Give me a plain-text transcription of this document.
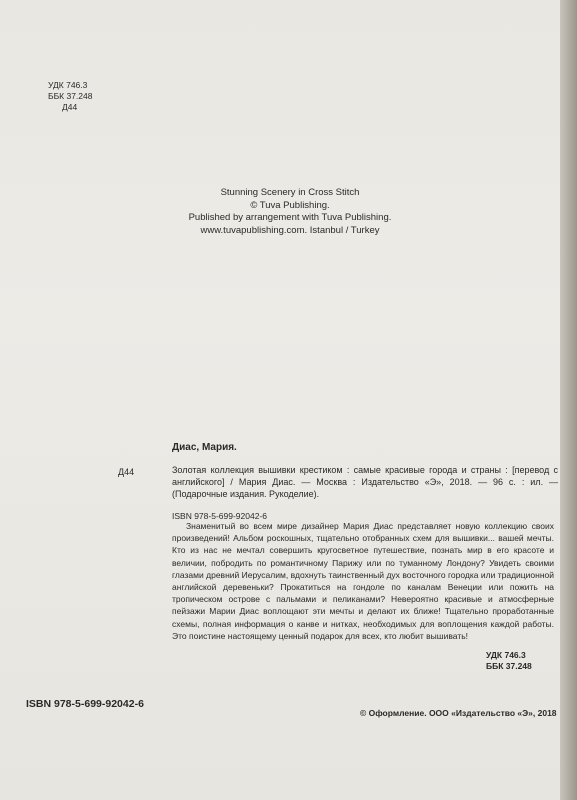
УДК 746.3
ББК 37.248
Д44
Stunning Scenery in Cross Stitch
© Tuva Publishing.
Published by arrangement with Tuva Publishing.
www.tuvapublishing.com. Istanbul / Turkey
Диас, Мария.
Д44	Золотая коллекция вышивки крестиком : самые красивые города и страны : [перевод с английского] / Мария Диас. — Москва : Издательство «Э», 2018. — 96 с. : ил. — (Подарочные издания. Рукоделие).
ISBN 978-5-699-92042-6
Знаменитый во всем мире дизайнер Мария Диас представляет новую коллекцию своих произведений! Альбом роскошных, тщательно отобранных схем для вышивки... вашей мечты. Кто из нас не мечтал совершить кругосветное путешествие, познать мир в его красоте и величии, побродить по романтичному Парижу или по туманному Лондону? Увидеть своими глазами древний Иерусалим, вдохнуть таинственный дух восточного городка или традиционной английской деревеньки? Прокатиться на гондоле по каналам Венеции или пожить на тропическом острове с пальмами и пеликанами? Невероятно красивые и атмосферные пейзажи Марии Диас воплощают эти мечты и делают их ближе! Тщательно проработанные схемы, полная информация о канве и нитках, необходимых для воплощения каждой работы. Это поистине настоящему ценный подарок для всех, кто любит вышивать!
УДК 746.3
ББК 37.248
ISBN 978-5-699-92042-6
© Оформление. ООО «Издательство «Э», 2018
